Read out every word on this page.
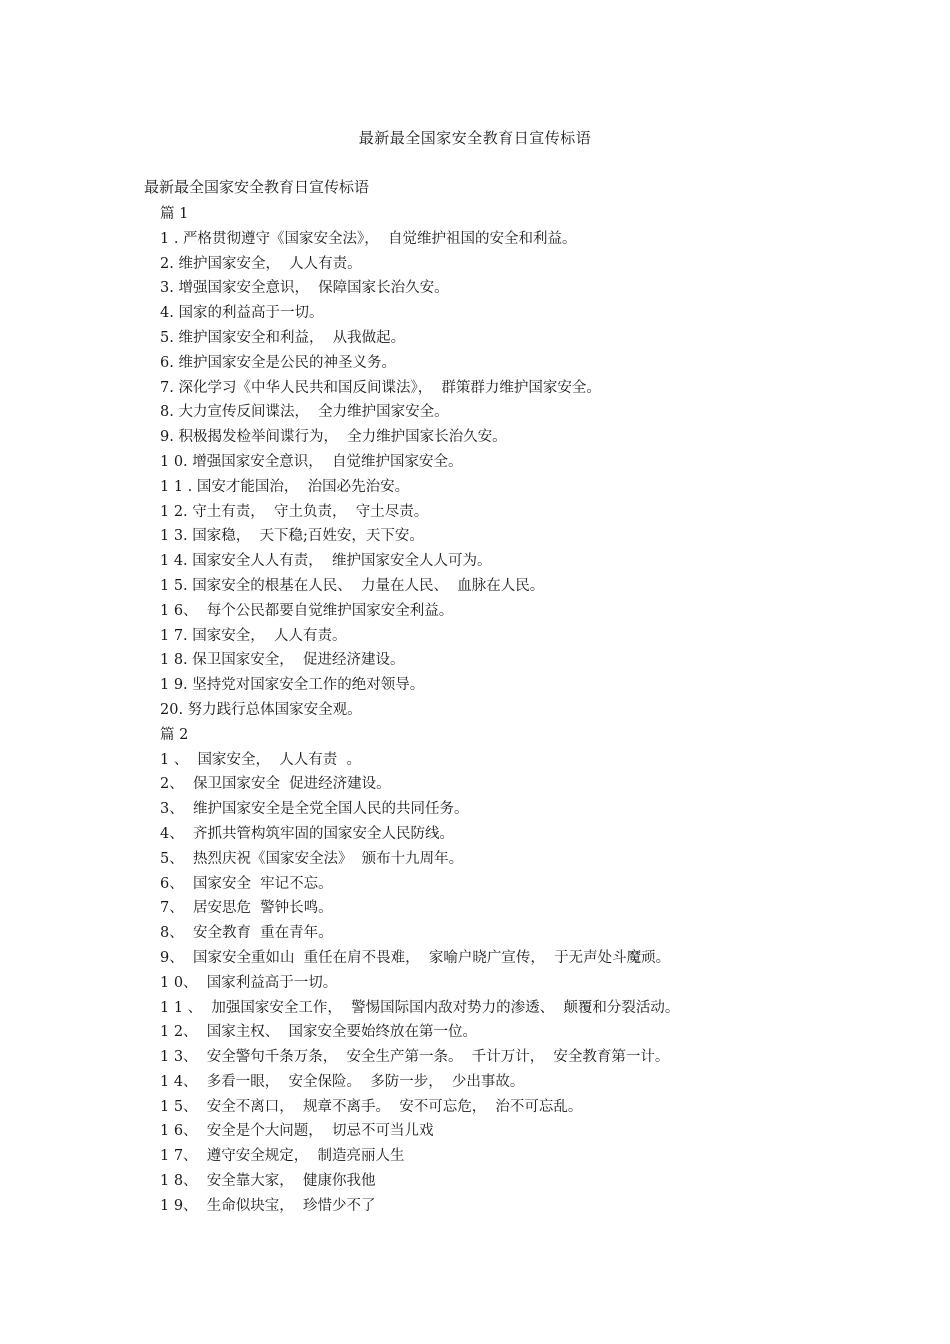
最新最全国家安全教育日宣传标语
最新最全国家安全教育日宣传标语
篇 1
1 . 严格贯彻遵守《国家安全法》，  自觉维护祖国的安全和利益。
2. 维护国家安全，  人人有责。
3. 增强国家安全意识，  保障国家长治久安。
4. 国家的利益高于一切。
5. 维护国家安全和利益，  从我做起。
6. 维护国家安全是公民的神圣义务。
7. 深化学习《中华人民共和国反间谍法》，  群策群力维护国家安全。
8. 大力宣传反间谍法，  全力维护国家安全。
9. 积极揭发检举间谍行为，  全力维护国家长治久安。
1 0. 增强国家安全意识，  自觉维护国家安全。
1 1 . 国安才能国治，  治国必先治安。
1 2. 守土有责，  守土负责，  守土尽责。
1 3. 国家稳，  天下稳;百姓安，天下安。
1 4. 国家安全人人有责，  维护国家安全人人可为。
1 5. 国家安全的根基在人民、  力量在人民、  血脉在人民。
1 6、  每个公民都要自觉维护国家安全利益。
1 7. 国家安全，  人人有责。
1 8. 保卫国家安全，  促进经济建设。
1 9. 坚持党对国家安全工作的绝对领导。
20. 努力践行总体国家安全观。
篇 2
1 、  国家安全，  人人有责  。
2、  保卫国家安全  促进经济建设。
3、  维护国家安全是全党全国人民的共同任务。
4、  齐抓共管构筑牢固的国家安全人民防线。
5、  热烈庆祝《国家安全法》  颁布十九周年。
6、  国家安全  牢记不忘。
7、  居安思危  警钟长鸣。
8、  安全教育  重在青年。
9、  国家安全重如山  重任在肩不畏难，  家喻户晓广宣传，  于无声处斗魔顽。
1 0、  国家利益高于一切。
1 1 、  加强国家安全工作，  警惕国际国内敌对势力的渗透、  颠覆和分裂活动。
1 2、  国家主权、  国家安全要始终放在第一位。
1 3、  安全警句千条万条，  安全生产第一条。  千计万计，  安全教育第一计。
1 4、  多看一眼，  安全保险。  多防一步，  少出事故。
1 5、  安全不离口，  规章不离手。  安不可忘危，  治不可忘乱。
1 6、  安全是个大问题，  切忌不可当儿戏
1 7、  遵守安全规定，  制造亮丽人生
1 8、  安全靠大家，  健康你我他
1 9、  生命似块宝，  珍惜少不了
